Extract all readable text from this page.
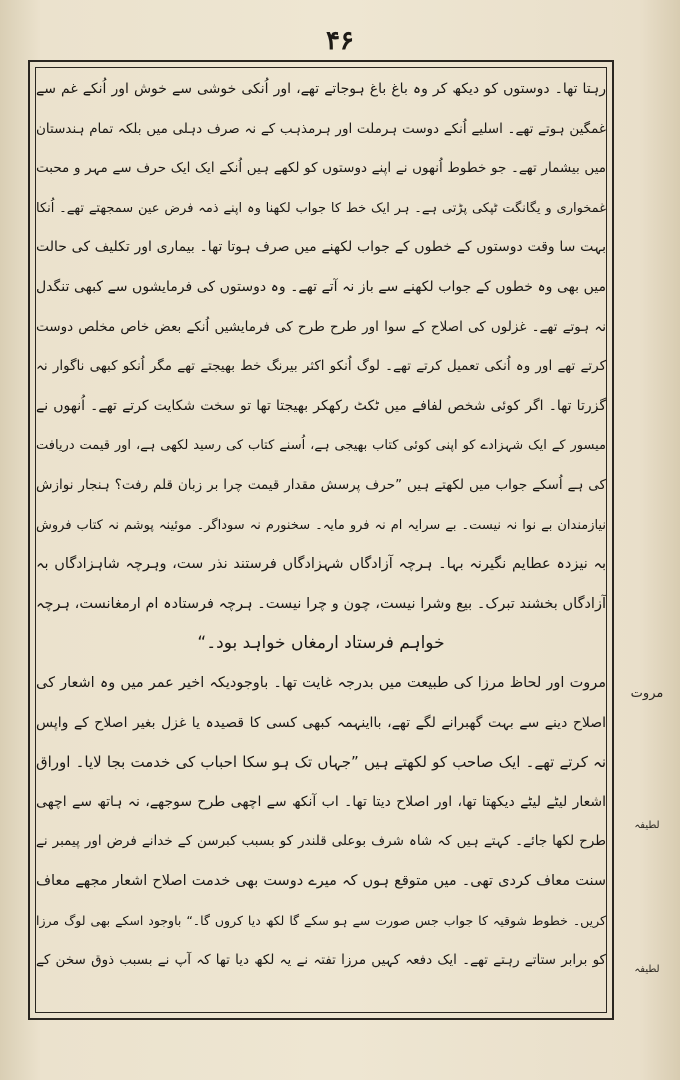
۴۶
رہتا تھا۔ دوستوں کو دیکھ کر وہ باغ باغ ہوجاتے تھے، اور اُنکی خوشی سے خوش اور اُنکے غم سے
غمگین ہوتے تھے۔ اسلیے اُنکے دوست ہرملت اور ہرمذہب کے نہ صرف دہلی میں بلکہ تمام ہندستان
میں بیشمار تھے۔ جو خطوط اُنھوں نے اپنے دوستوں کو لکھے ہیں اُنکے ایک ایک حرف سے مہر و محبت
غمخواری و یگانگت ٹپکی پڑتی ہے۔ ہر ایک خط کا جواب لکھنا وہ اپنے ذمہ فرض عین سمجھتے تھے۔ اُنکا
بہت سا وقت دوستوں کے خطوں کے جواب لکھنے میں صرف ہوتا تھا۔ بیماری اور تکلیف کی حالت
میں بھی وہ خطوں کے جواب لکھنے سے باز نہ آتے تھے۔ وہ دوستوں کی فرمایشوں سے کبھی تنگدل
نہ ہوتے تھے۔ غزلوں کی اصلاح کے سوا اور طرح طرح کی فرمایشیں اُنکے بعض خاص مخلص دوست
کرتے تھے اور وہ اُنکی تعمیل کرتے تھے۔ لوگ اُنکو اکثر بیرنگ خط بھیجتے تھے مگر اُنکو کبھی ناگوار نہ
گزرتا تھا۔ اگر کوئی شخص لفافے میں ٹکٹ رکھکر بھیجتا تھا تو سخت شکایت کرتے تھے۔ اُنھوں نے
میسور کے ایک شہزادے کو اپنی کوئی کتاب بھیجی ہے، اُسنے کتاب کی رسید لکھی ہے، اور قیمت دریافت
کی ہے اُسکے جواب میں لکھتے ہیں ”حرف پرسش مقدار قیمت چرا بر زبان قلم رفت؟ ہنجار نوازش
نیازمندان بے نوا نہ نیست۔ بے سرایہ ام نہ فرو مایہ۔ سخنورم نہ سوداگر۔ موئینہ پوشم نہ کتاب فروش
بہ نیزدہ عطایم نگیرنہ بہا۔ ہرچہ آزادگاں شہزادگاں فرستند نذر ست، وہرچہ شاہزادگاں بہ
آزادگاں بخشند تبرک۔ بیع وشرا نیست، چون و چرا نیست۔ ہرچہ فرستادہ ام ارمغانست، ہرچہ
خواہم فرستاد ارمغاں خواہد بود۔“
مروت اور لحاظ مرزا کی طبیعت میں بدرجہ غایت تھا۔ باوجودیکہ اخیر عمر میں وہ اشعار کی
اصلاح دینے سے بہت گھبرانے لگے تھے، بااینہمہ کبھی کسی کا قصیدہ یا غزل بغیر اصلاح کے واپس
نہ کرتے تھے۔ ایک صاحب کو لکھتے ہیں ”جہاں تک ہو سکا احباب کی خدمت بجا لایا۔ اوراق
اشعار لیٹے لیٹے دیکھتا تھا، اور اصلاح دیتا تھا۔ اب آنکھ سے اچھی طرح سوجھے، نہ ہاتھ سے اچھی
طرح لکھا جائے۔ کہتے ہیں کہ شاہ شرف بوعلی قلندر کو بسبب کبرسن کے خدانے فرض اور پیمبر نے
سنت معاف کردی تھی۔ میں متوقع ہوں کہ میرے دوست بھی خدمت اصلاح اشعار مجھے معاف
کریں۔ خطوط شوقیہ کا جواب جس صورت سے ہو سکے گا لکھ دیا کروں گا۔“ باوجود اسکے بھی لوگ مرزا
کو برابر ستاتے رہتے تھے۔ ایک دفعہ کہیں مرزا تفتہ نے یہ لکھ دیا تھا کہ آپ نے بسبب ذوق سخن کے
مروت
لطیفہ
لطیفہ
